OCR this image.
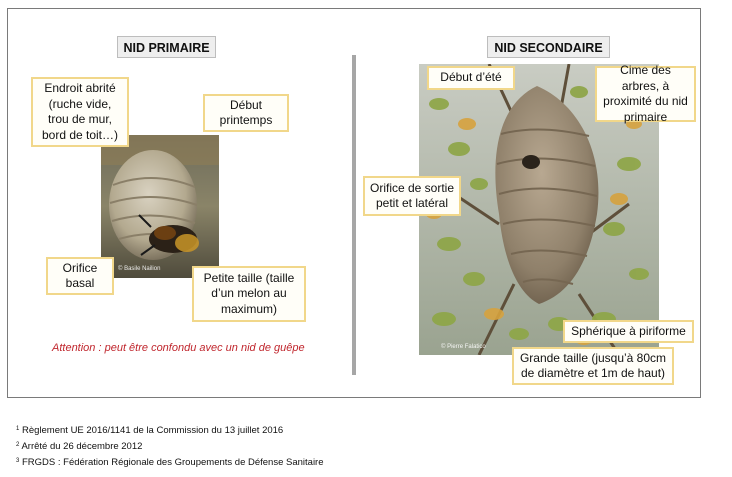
NID PRIMAIRE
© Basile Nailion
Endroit abrité (ruche vide, trou de mur, bord de toit…)
Début printemps
Orifice basal	Petite taille (taille d’un melon au maximum)
Attention : peut être confondu avec un nid de guêpe
NID SECONDAIRE
© Pierre Falatico
Début d’été
Cime des arbres, à proximité du nid primaire
Orifice de sortie petit et latéral
Sphérique à piriforme
Grande taille (jusqu’à 80cm de diamètre et 1m de haut)
$^1$ Règlement UE 2016/1141 de la Commission du 13 juillet 2016
$^2$ Arrêté du 26 décembre 2012
$^3$ FRGDS : Fédération Régionale des Groupements de Défense Sanitaire
